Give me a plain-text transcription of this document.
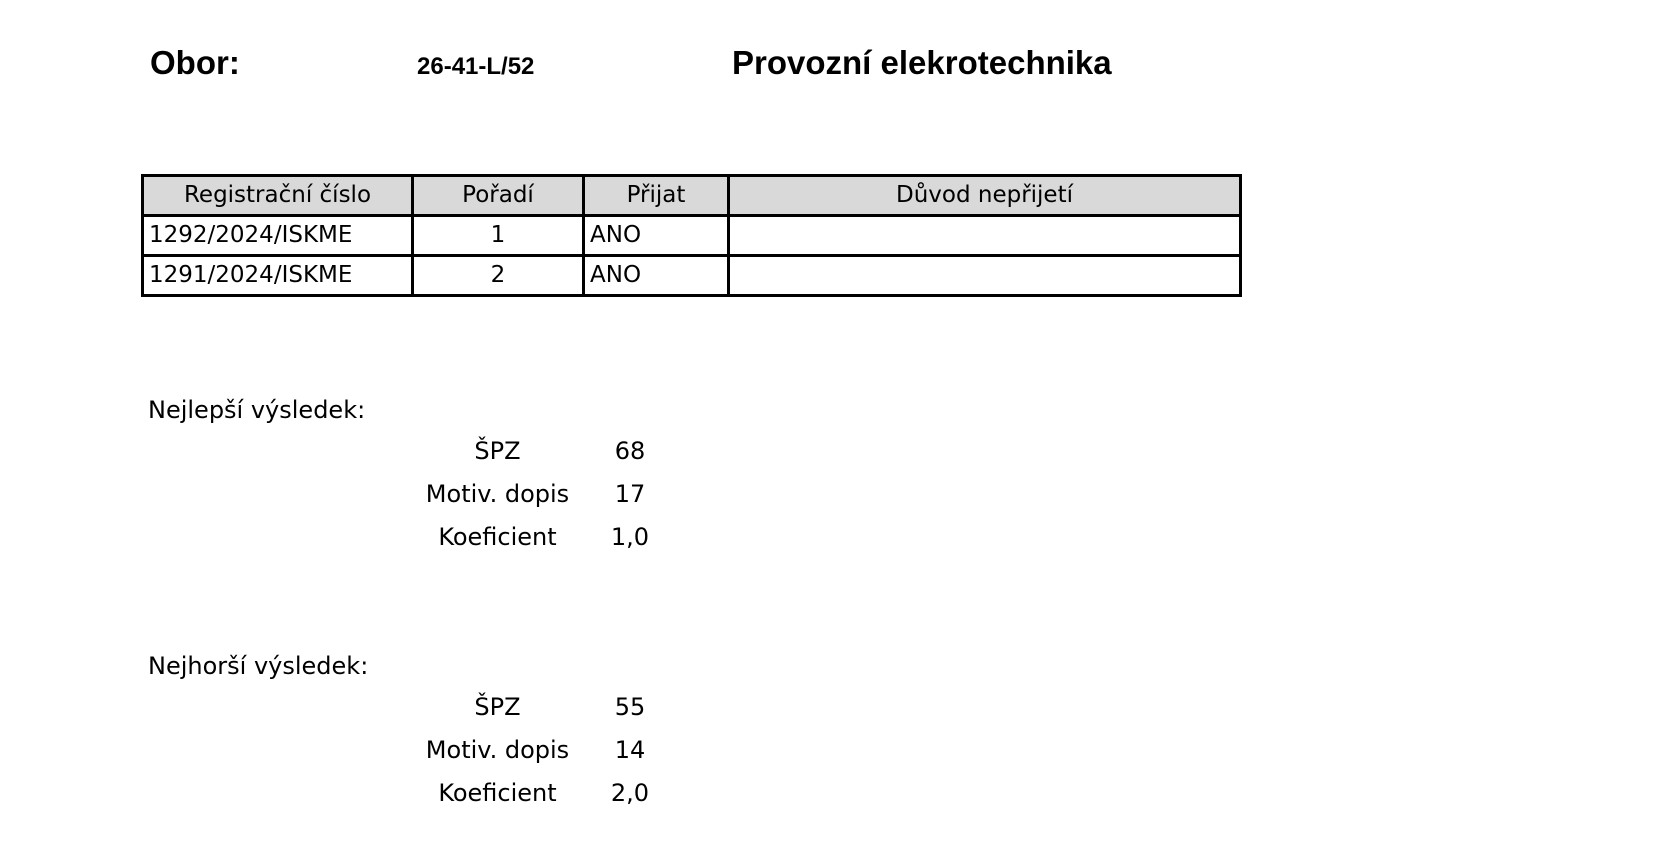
Obor:	26-41-L/52	Provozní elekrotechnika
Registrační číslo	Pořadí	Přijat	Důvod nepřijetí
1292/2024/ISKME	1	ANO	
1291/2024/ISKME	2	ANO	
Nejlepší výsledek:
ŠPZ	68
Motiv. dopis	17
Koeficient	1,0
Nejhorší výsledek:
ŠPZ	55
Motiv. dopis	14
Koeficient	2,0
